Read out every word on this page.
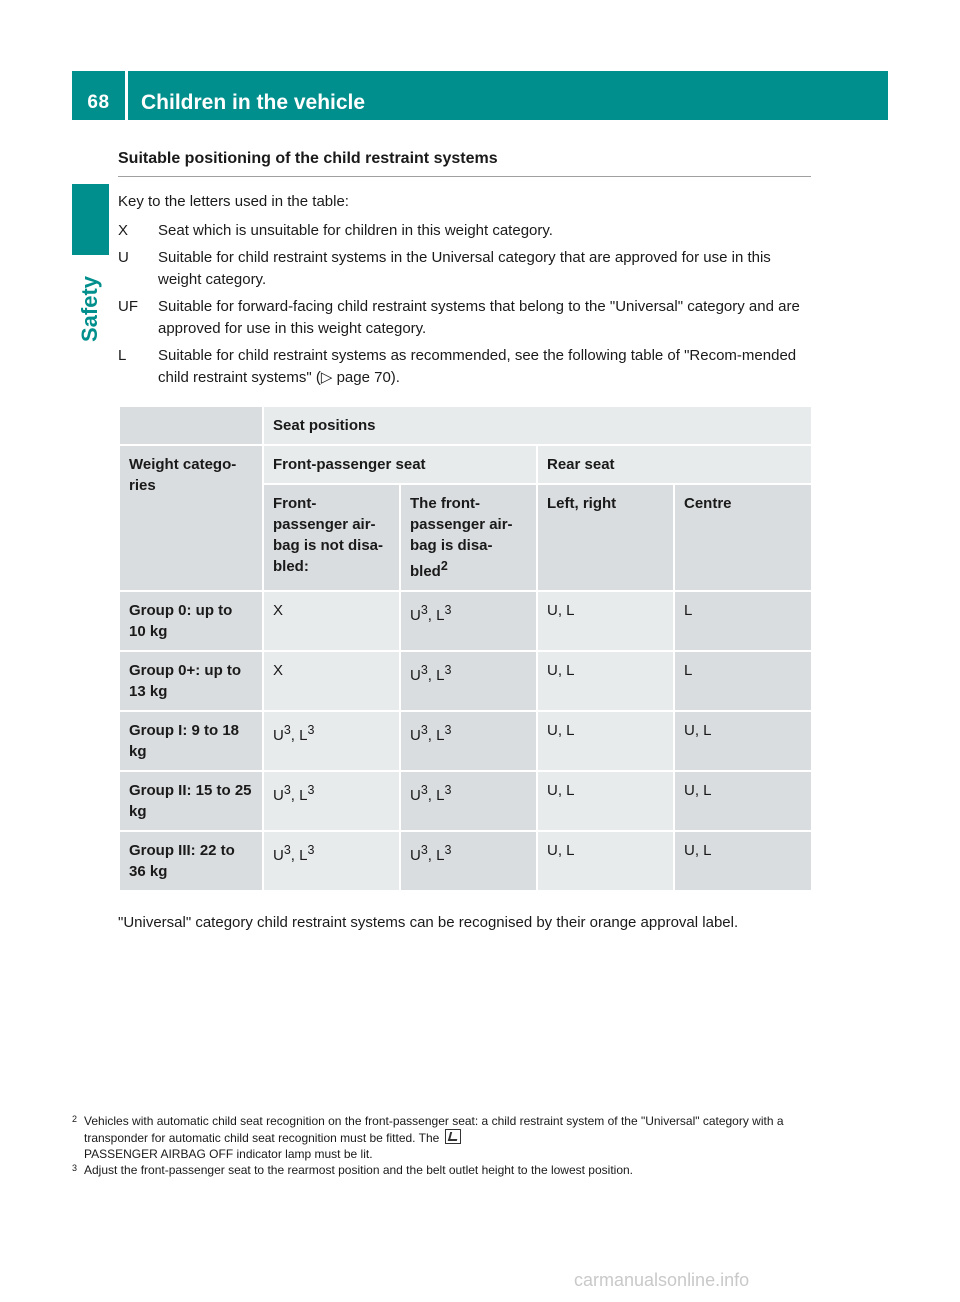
68	Children in the vehicle
Safety
Suitable positioning of the child restraint systems

Key to the letters used in the table:

X	Seat which is unsuitable for children in this weight category.
U	Suitable for child restraint systems in the Universal category that are approved for use in this weight category.
UF	Suitable for forward-facing child restraint systems that belong to the "Universal" category and are approved for use in this weight category.
L	Suitable for child restraint systems as recommended, see the following table of "Recom-mended child restraint systems" (▷ page 70).
	Seat positions			
Weight catego-ries	Front-passenger seat		Rear seat	
	Front-passenger air-bag is not disa-bled:	The front-passenger air-bag is disa-bled$^2$	Left, right	Centre
Group 0: up to 10 kg	X	$U^3$, $L^3$	U, L	L
Group 0+: up to 13 kg	X	$U^3$, $L^3$	U, L	L
Group I: 9 to 18 kg	$U^3$, $L^3$	$U^3$, $L^3$	U, L	U, L
Group II: 15 to 25 kg	$U^3$, $L^3$	$U^3$, $L^3$	U, L	U, L
Group III: 22 to 36 kg	$U^3$, $L^3$	$U^3$, $L^3$	U, L	U, L
"Universal" category child restraint systems can be recognised by their orange approval label.
2 Vehicles with automatic child seat recognition on the front-passenger seat: a child restraint system of the "Universal" category with a transponder for automatic child seat recognition must be fitted. The
PASSENGER AIRBAG OFF indicator lamp must be lit.
3 Adjust the front-passenger seat to the rearmost position and the belt outlet height to the lowest position.
carmanualsonline.info
